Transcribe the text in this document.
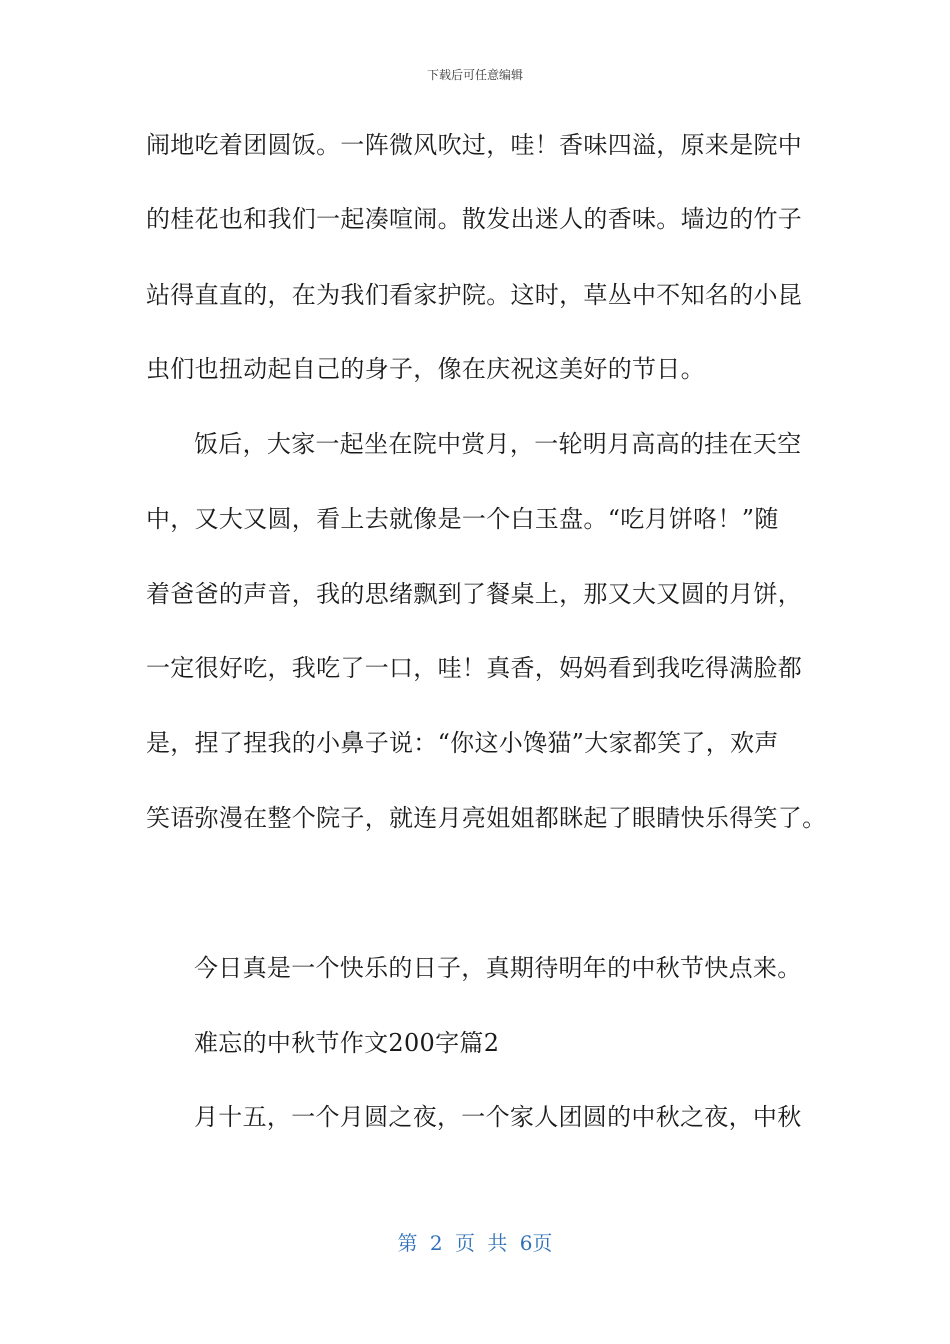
下载后可任意编辑
闹地吃着团圆饭。一阵微风吹过，哇！香味四溢，原来是院中
的桂花也和我们一起凑喧闹。散发出迷人的香味。墙边的竹子
站得直直的，在为我们看家护院。这时，草丛中不知名的小昆
虫们也扭动起自己的身子，像在庆祝这美好的节日。
饭后，大家一起坐在院中赏月，一轮明月高高的挂在天空
中，又大又圆，看上去就像是一个白玉盘。“吃月饼咯！”随
着爸爸的声音，我的思绪飘到了餐桌上，那又大又圆的月饼，
一定很好吃，我吃了一口，哇！真香，妈妈看到我吃得满脸都
是，捏了捏我的小鼻子说：“你这小馋猫”大家都笑了，欢声
笑语弥漫在整个院子，就连月亮姐姐都眯起了眼睛快乐得笑了。
今日真是一个快乐的日子，真期待明年的中秋节快点来。
难忘的中秋节作文200字篇2
月十五，一个月圆之夜，一个家人团圆的中秋之夜，中秋
第 2 页 共 6页
